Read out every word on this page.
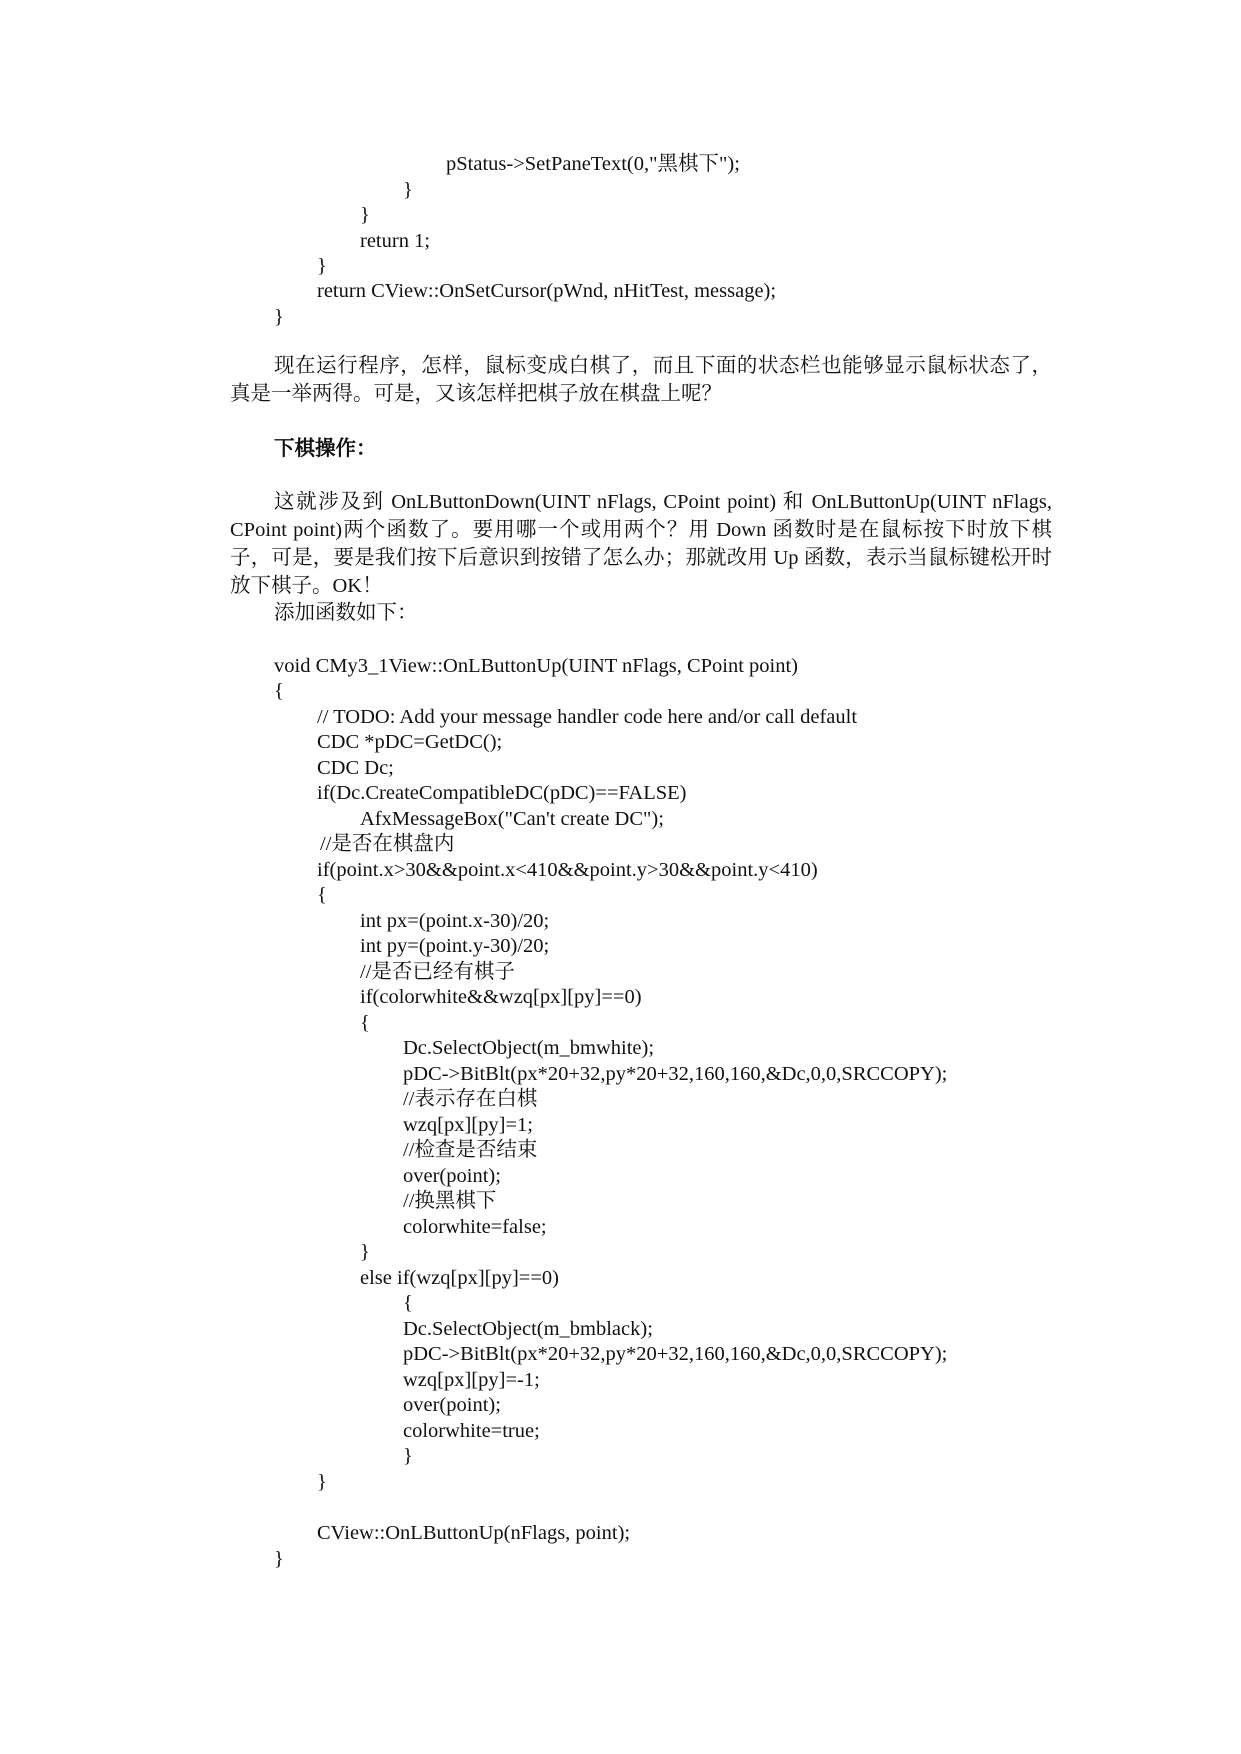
pStatus->SetPaneText(0,"黑棋下");
}
}
return 1;
}
return CView::OnSetCursor(pWnd, nHitTest, message);
}

现在运行程序，怎样，鼠标变成白棋了，而且下面的状态栏也能够显示鼠标状态了，真是一举两得。可是，又该怎样把棋子放在棋盘上呢？

下棋操作：

这就涉及到 OnLButtonDown(UINT nFlags, CPoint point) 和 OnLButtonUp(UINT nFlags, CPoint point)两个函数了。要用哪一个或用两个？用 Down 函数时是在鼠标按下时放下棋子，可是，要是我们按下后意识到按错了怎么办；那就改用 Up 函数，表示当鼠标键松开时放下棋子。OK！

添加函数如下：
void CMy3_1View::OnLButtonUp(UINT nFlags, CPoint point)
{
// TODO: Add your message handler code here and/or call default
CDC *pDC=GetDC();
CDC Dc;
if(Dc.CreateCompatibleDC(pDC)==FALSE)
AfxMessageBox("Can't create DC");
//是否在棋盘内
if(point.x>30&&point.x<410&&point.y>30&&point.y<410)
{
int px=(point.x-30)/20;
int py=(point.y-30)/20;
//是否已经有棋子
if(colorwhite&&wzq[px][py]==0)
{
Dc.SelectObject(m_bmwhite);
pDC->BitBlt(px*20+32,py*20+32,160,160,&Dc,0,0,SRCCOPY);
//表示存在白棋
wzq[px][py]=1;
//检查是否结束
over(point);
//换黑棋下
colorwhite=false;
}
else if(wzq[px][py]==0)
{
Dc.SelectObject(m_bmblack);
pDC->BitBlt(px*20+32,py*20+32,160,160,&Dc,0,0,SRCCOPY);
wzq[px][py]=-1;
over(point);
colorwhite=true;
}
}
CView::OnLButtonUp(nFlags, point);
}
